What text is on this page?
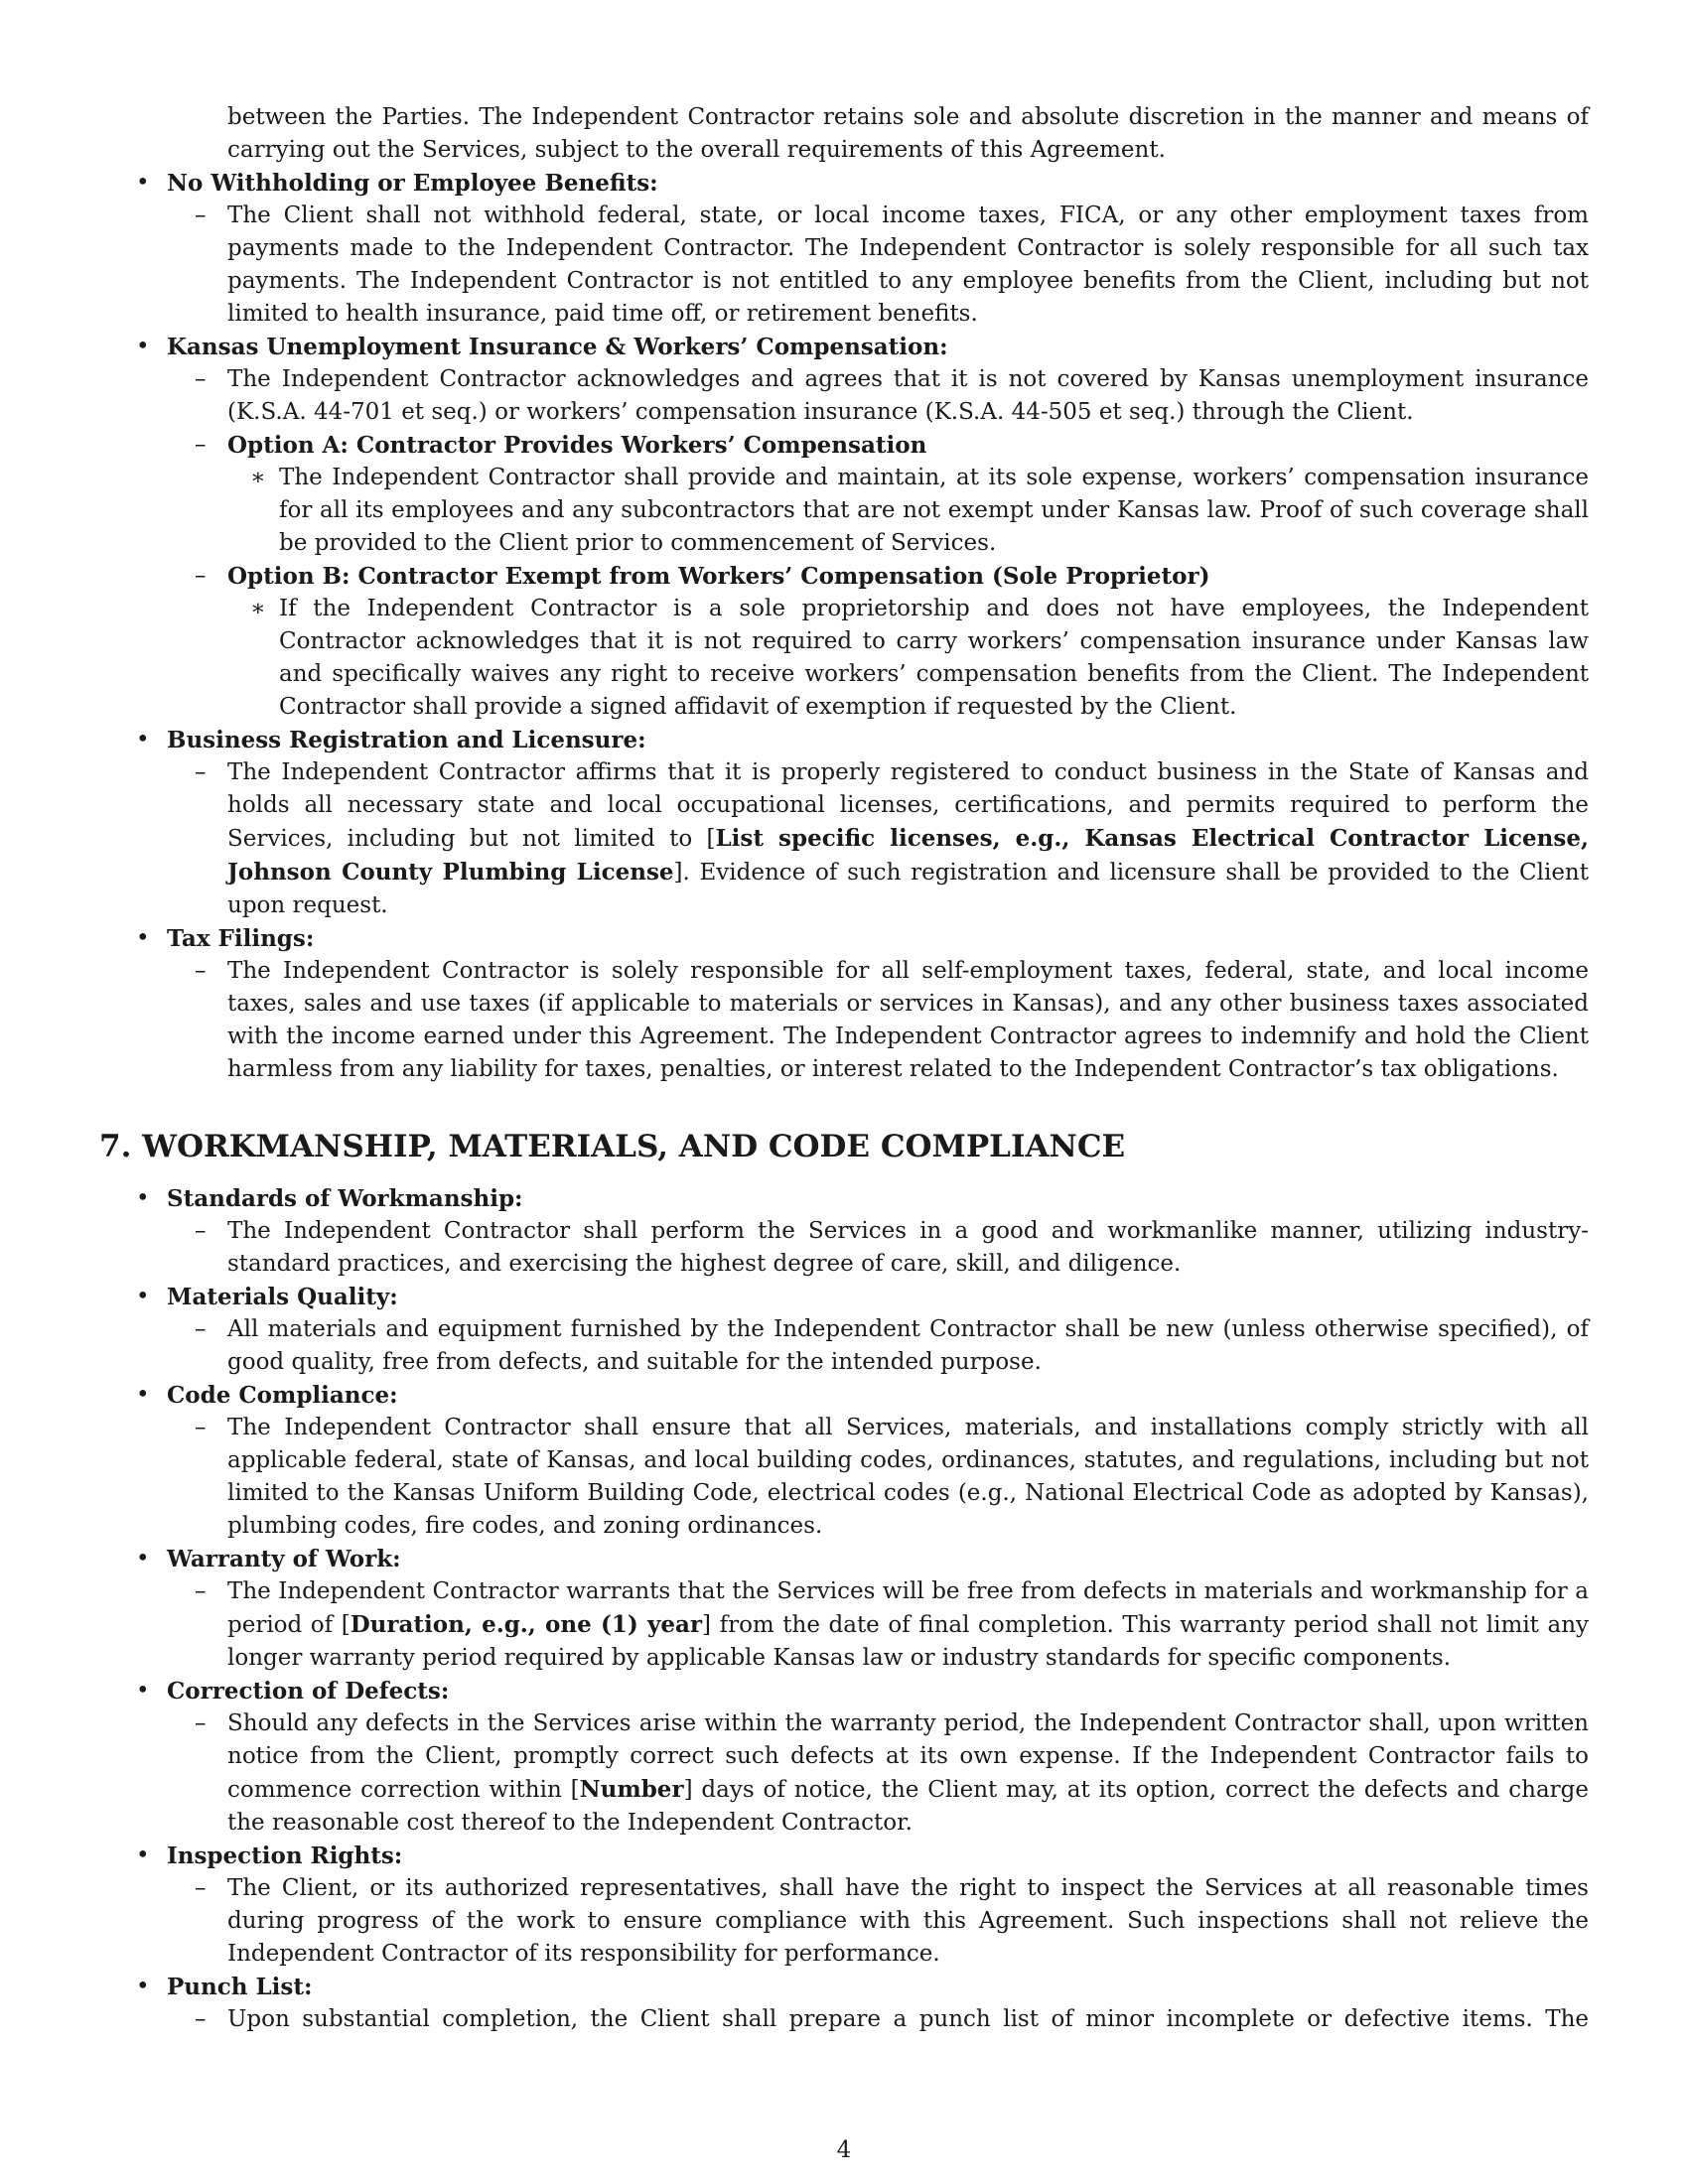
between the Parties. The Independent Contractor retains sole and absolute discretion in the manner and means of carrying out the Services, subject to the overall requirements of this Agreement.
• No Withholding or Employee Benefits:
– The Client shall not withhold federal, state, or local income taxes, FICA, or any other employment taxes from payments made to the Independent Contractor. The Independent Contractor is solely responsible for all such tax payments. The Independent Contractor is not entitled to any employee benefits from the Client, including but not limited to health insurance, paid time off, or retirement benefits.
• Kansas Unemployment Insurance & Workers’ Compensation:
– The Independent Contractor acknowledges and agrees that it is not covered by Kansas unemployment insurance (K.S.A. 44-701 et seq.) or workers’ compensation insurance (K.S.A. 44-505 et seq.) through the Client.
– Option A: Contractor Provides Workers’ Compensation
∗ The Independent Contractor shall provide and maintain, at its sole expense, workers’ compensation insurance for all its employees and any subcontractors that are not exempt under Kansas law. Proof of such coverage shall be provided to the Client prior to commencement of Services.
– Option B: Contractor Exempt from Workers’ Compensation (Sole Proprietor)
∗ If the Independent Contractor is a sole proprietorship and does not have employees, the Independent Contractor acknowledges that it is not required to carry workers’ compensation insurance under Kansas law and specifically waives any right to receive workers’ compensation benefits from the Client. The Independent Contractor shall provide a signed affidavit of exemption if requested by the Client.
• Business Registration and Licensure:
– The Independent Contractor affirms that it is properly registered to conduct business in the State of Kansas and holds all necessary state and local occupational licenses, certifications, and permits required to perform the Services, including but not limited to [List specific licenses, e.g., Kansas Electrical Contractor License, Johnson County Plumbing License]. Evidence of such registration and licensure shall be provided to the Client upon request.
• Tax Filings:
– The Independent Contractor is solely responsible for all self-employment taxes, federal, state, and local income taxes, sales and use taxes (if applicable to materials or services in Kansas), and any other business taxes associated with the income earned under this Agreement. The Independent Contractor agrees to indemnify and hold the Client harmless from any liability for taxes, penalties, or interest related to the Independent Contractor’s tax obligations.
7. WORKMANSHIP, MATERIALS, AND CODE COMPLIANCE
• Standards of Workmanship:
– The Independent Contractor shall perform the Services in a good and workmanlike manner, utilizing industry-standard practices, and exercising the highest degree of care, skill, and diligence.
• Materials Quality:
– All materials and equipment furnished by the Independent Contractor shall be new (unless otherwise specified), of good quality, free from defects, and suitable for the intended purpose.
• Code Compliance:
– The Independent Contractor shall ensure that all Services, materials, and installations comply strictly with all applicable federal, state of Kansas, and local building codes, ordinances, statutes, and regulations, including but not limited to the Kansas Uniform Building Code, electrical codes (e.g., National Electrical Code as adopted by Kansas), plumbing codes, fire codes, and zoning ordinances.
• Warranty of Work:
– The Independent Contractor warrants that the Services will be free from defects in materials and workmanship for a period of [Duration, e.g., one (1) year] from the date of final completion. This warranty period shall not limit any longer warranty period required by applicable Kansas law or industry standards for specific components.
• Correction of Defects:
– Should any defects in the Services arise within the warranty period, the Independent Contractor shall, upon written notice from the Client, promptly correct such defects at its own expense. If the Independent Contractor fails to commence correction within [Number] days of notice, the Client may, at its option, correct the defects and charge the reasonable cost thereof to the Independent Contractor.
• Inspection Rights:
– The Client, or its authorized representatives, shall have the right to inspect the Services at all reasonable times during progress of the work to ensure compliance with this Agreement. Such inspections shall not relieve the Independent Contractor of its responsibility for performance.
• Punch List:
– Upon substantial completion, the Client shall prepare a punch list of minor incomplete or defective items. The
4
